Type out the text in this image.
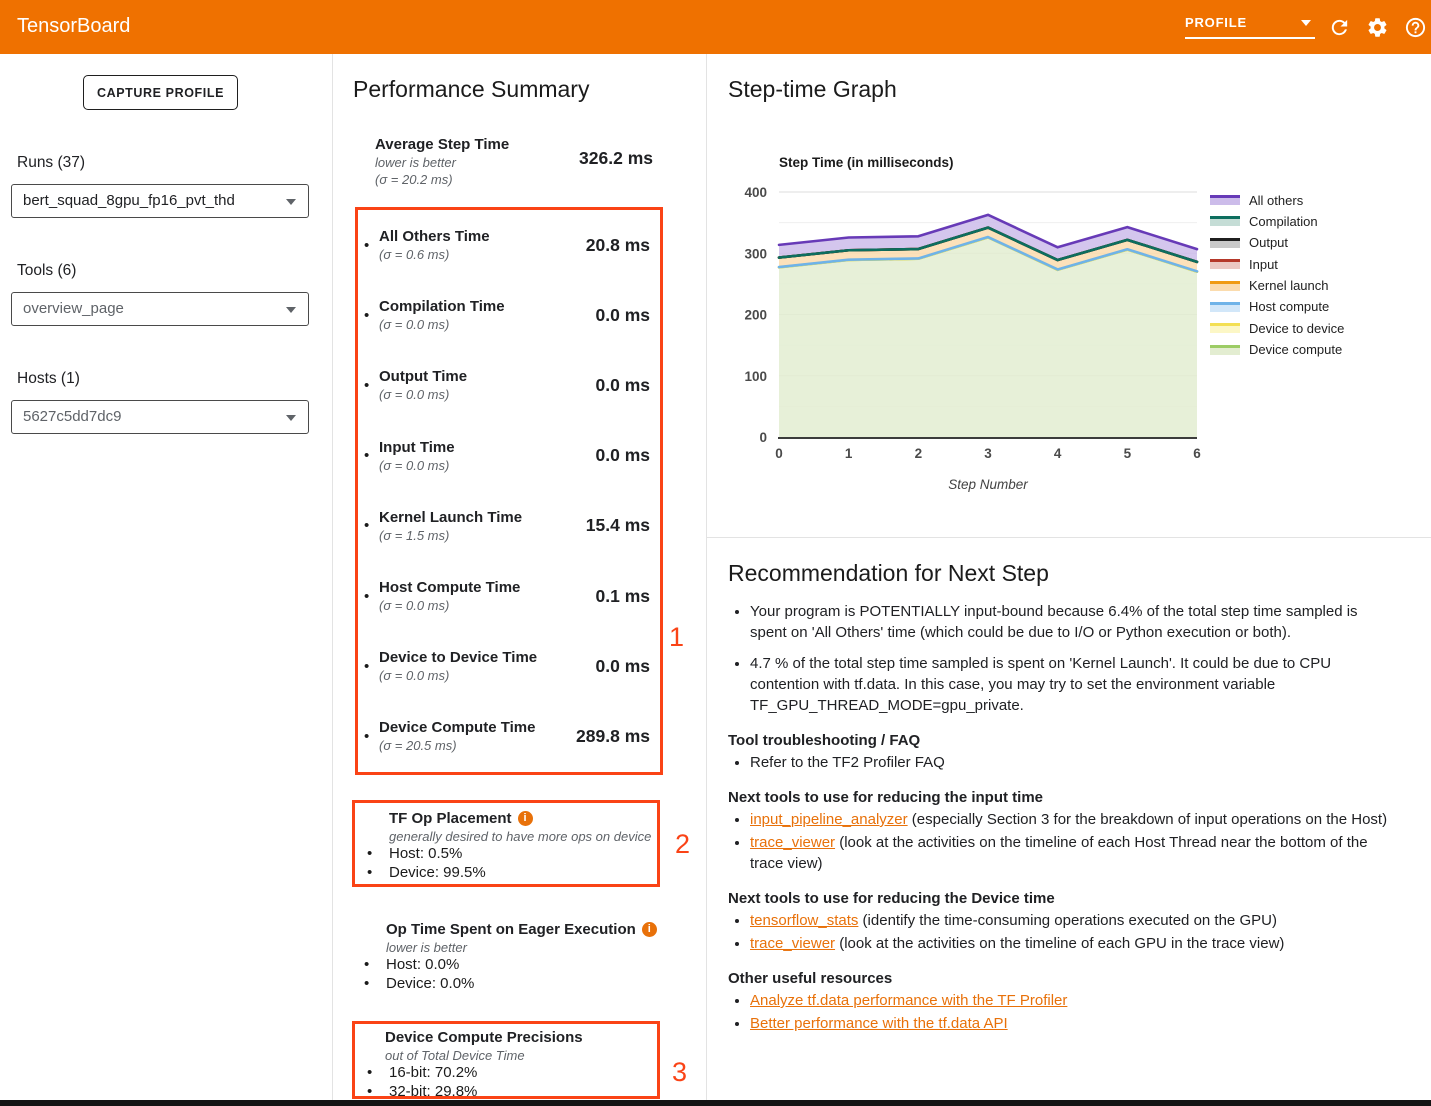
TensorBoard	PROFILE
CAPTURE PROFILE
Runs (37)
bert_squad_8gpu_fp16_pvt_thd
Tools (6)
overview_page
Hosts (1)
5627c5dd7dc9
Performance Summary
Average Step Time
lower is better
(σ = 20.2 ms)
326.2 ms
• All Others Time
(σ = 0.6 ms)	20.8 ms
• Compilation Time
(σ = 0.0 ms)	0.0 ms
• Output Time
(σ = 0.0 ms)	0.0 ms
• Input Time
(σ = 0.0 ms)	0.0 ms
• Kernel Launch Time
(σ = 1.5 ms)	15.4 ms
• Host Compute Time
(σ = 0.0 ms)	0.1 ms
• Device to Device Time
(σ = 0.0 ms)	0.0 ms
• Device Compute Time
(σ = 20.5 ms)	289.8 ms
TF Op Placement	i
generally desired to have more ops on device
• Host: 0.5%
• Device: 99.5%
Op Time Spent on Eager Execution	i
lower is better
• Host: 0.0%
• Device: 0.0%
Device Compute Precisions
out of Total Device Time
• 16-bit: 70.2%
• 32-bit: 29.8%
1
2
3
Step-time Graph
Step Time (in milliseconds)
0
100
200
300
400
0	1	2	3	4	5	6
Step Number
All others
Compilation
Output
Input
Kernel launch
Host compute
Device to device
Device compute
Recommendation for Next Step
• Your program is POTENTIALLY input-bound because 6.4% of the total step time sampled is spent on 'All Others' time (which could be due to I/O or Python execution or both).
• 4.7 % of the total step time sampled is spent on 'Kernel Launch'. It could be due to CPU contention with tf.data. In this case, you may try to set the environment variable TF_GPU_THREAD_MODE=gpu_private.
Tool troubleshooting / FAQ
• Refer to the TF2 Profiler FAQ
Next tools to use for reducing the input time
• input_pipeline_analyzer (especially Section 3 for the breakdown of input operations on the Host)
• trace_viewer (look at the activities on the timeline of each Host Thread near the bottom of the trace view)
Next tools to use for reducing the Device time
• tensorflow_stats (identify the time-consuming operations executed on the GPU)
• trace_viewer (look at the activities on the timeline of each GPU in the trace view)
Other useful resources
• Analyze tf.data performance with the TF Profiler
• Better performance with the tf.data API
